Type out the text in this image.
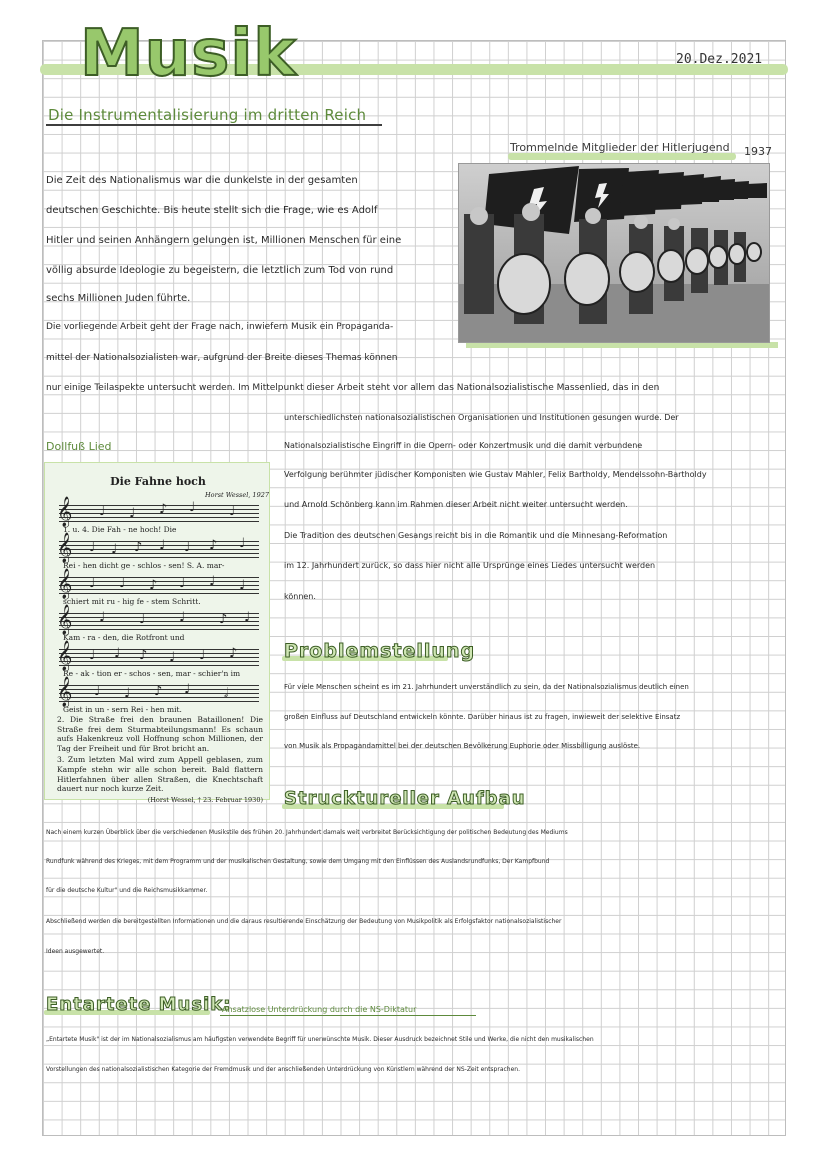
Musik	20.Dez.2021
Die Instrumentalisierung im dritten Reich
Trommelnde Mitglieder der Hitlerjugend 1937
Die Zeit des Nationalismus war die dunkelste in der gesamten
deutschen Geschichte. Bis heute stellt sich die Frage, wie es Adolf
Hitler und seinen Anhängern gelungen ist, Millionen Menschen für eine
völlig absurde Ideologie zu begeistern, die letztlich zum Tod von rund
sechs Millionen Juden führte.
Die vorliegende Arbeit geht der Frage nach, inwiefern Musik ein Propaganda-
mittel der Nationalsozialisten war, aufgrund der Breite dieses Themas können
nur einige Teilaspekte untersucht werden. Im Mittelpunkt dieser Arbeit steht vor allem das Nationalsozialistische Massenlied, das in den
unterschiedlichsten nationalsozialistischen Organisationen und Institutionen gesungen wurde. Der
Nationalsozialistische Eingriff in die Opern- oder Konzertmusik und die damit verbundene
Verfolgung berühmter jüdischer Komponisten wie Gustav Mahler, Felix Bartholdy, Mendelssohn-Bartholdy
und Arnold Schönberg kann im Rahmen dieser Arbeit nicht weiter untersucht werden.
Die Tradition des deutschen Gesangs reicht bis in die Romantik und die Minnesang-Reformation
im 12. Jahrhundert zurück, so dass hier nicht alle Ursprünge eines Liedes untersucht werden
können.
Dollfuß Lied
Die Fahne hoch
Horst Wessel, 1927
𝄞 ♩ ♩ ♪ ♩	♩
1. u. 4. Die Fah - ne hoch! Die
𝄞 ♩ ♩ ♪ ♩ ♩ ♪ ♩
Rei - hen dicht ge - schlos - sen! S. A. mar-
𝄞 ♩ ♩ ♪ ♩ ♩ ♩
schiert mit ru - hig fe - stem Schritt.
𝄞 ♩	♩	♩	♪ ♩
Kam - ra - den, die Rotfront und
𝄞 ♩ ♩ ♪ ♩ ♩ ♪
Re - ak - tion er - schos - sen, mar - schier'n im
𝄞 ♩ ♩ ♪ ♩	𝅗𝅥
Geist in un - sern Rei - hen mit.

2. Die Straße frei den braunen Bataillonen! Die Straße frei dem Sturmabteilungsmann! Es schaun aufs Hakenkreuz voll Hoffnung schon Millionen, der Tag der Freiheit und für Brot bricht an.

3. Zum letzten Mal wird zum Appell geblasen, zum Kampfe stehn wir alle schon bereit. Bald flattern Hitlerfahnen über allen Straßen, die Knechtschaft dauert nur noch kurze Zeit.

(Horst Wessel, † 23. Februar 1930)

Problemstellung
Für viele Menschen scheint es im 21. Jahrhundert unverständlich zu sein, da der Nationalsozialismus deutlich einen
großen Einfluss auf Deutschland entwickeln könnte. Darüber hinaus ist zu fragen, inwieweit der selektive Einsatz
von Musik als Propagandamittel bei der deutschen Bevölkerung Euphorie oder Missbilligung auslöste.
Strucktureller Aufbau
Nach einem kurzen Überblick über die verschiedenen Musikstile des frühen 20. Jahrhundert damals weit verbreitet Berücksichtigung der politischen Bedeutung des Mediums
Rundfunk während des Krieges, mit dem Programm und der musikalischen Gestaltung, sowie dem Umgang mit den Einflüssen des Auslandsrundfunks, Der Kampfbund
für die deutsche Kultur" und die Reichsmusikkammer.
Abschließend werden die bereitgestellten Informationen und die daraus resultierende Einschätzung der Bedeutung von Musikpolitik als Erfolgsfaktor nationalsozialistischer
Ideen ausgewertet.
Entartete Musik:
Ansatzlose Unterdrückung durch die NS-Diktatur
„Entartete Musik" ist der im Nationalsozialismus am häufigsten verwendete Begriff für unerwünschte Musik. Dieser Ausdruck bezeichnet Stile und Werke, die nicht den musikalischen
Vorstellungen des nationalsozialistischen Kategorie der Fremdmusik und der anschließenden Unterdrückung von Künstlern während der NS-Zeit entsprachen.
